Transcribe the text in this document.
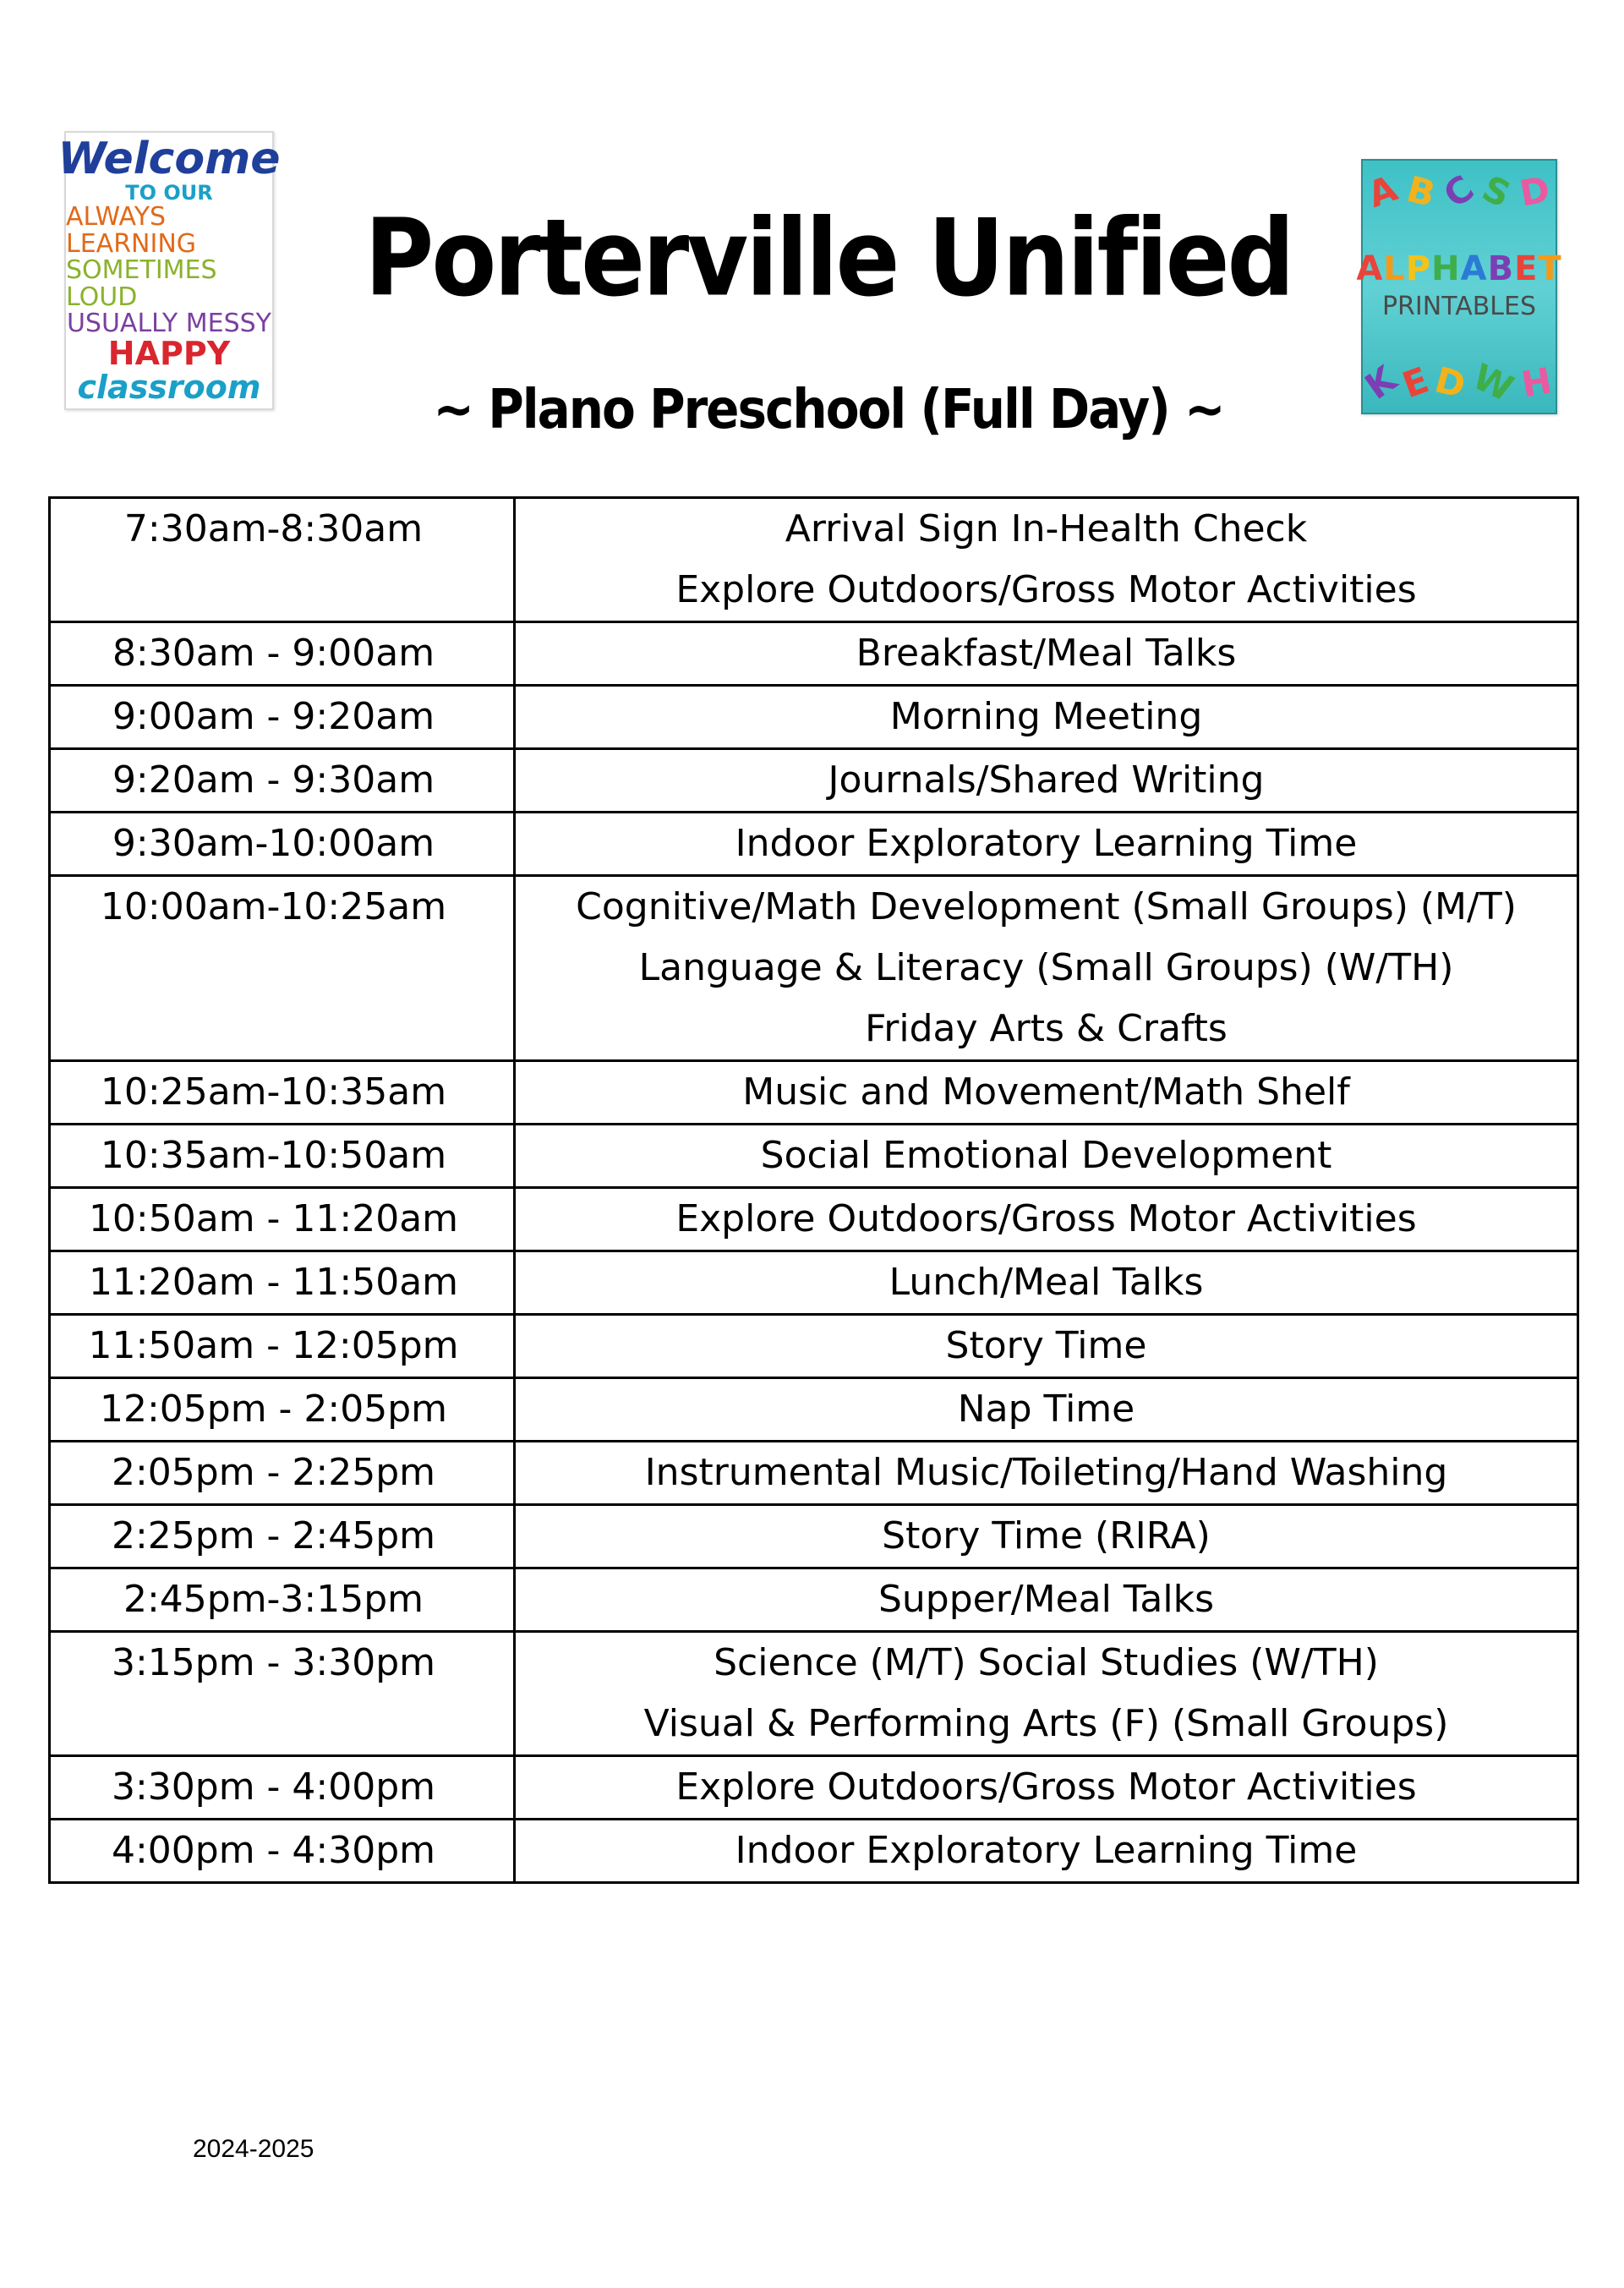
Welcome
TO OUR
ALWAYS LEARNING
SOMETIMES LOUD
USUALLY MESSY
HAPPY
classroom
Porterville Unified
~ Plano Preschool (Full Day) ~
A B
C
S D
ALPHABET
PRINTABLES
K
E
D
W
H
7:30am-8:30am	Arrival Sign In-Health Check
Explore Outdoors/Gross Motor Activities

8:30am - 9:00am	Breakfast/Meal Talks

9:00am - 9:20am	Morning Meeting

9:20am - 9:30am	Journals/Shared Writing

9:30am-10:00am	Indoor Exploratory Learning Time

10:00am-10:25am	Cognitive/Math Development (Small Groups) (M/T)
Language & Literacy (Small Groups) (W/TH)
Friday Arts & Crafts

10:25am-10:35am	Music and Movement/Math Shelf

10:35am-10:50am	Social Emotional Development

10:50am - 11:20am	Explore Outdoors/Gross Motor Activities

11:20am - 11:50am	Lunch/Meal Talks

11:50am - 12:05pm	Story Time

12:05pm - 2:05pm	Nap Time

2:05pm - 2:25pm	Instrumental Music/Toileting/Hand Washing

2:25pm - 2:45pm	Story Time (RIRA)

2:45pm-3:15pm	Supper/Meal Talks

3:15pm - 3:30pm	Science (M/T) Social Studies (W/TH)
Visual & Performing Arts (F) (Small Groups)

3:30pm - 4:00pm	Explore Outdoors/Gross Motor Activities

4:00pm - 4:30pm	Indoor Exploratory Learning Time
2024-2025
